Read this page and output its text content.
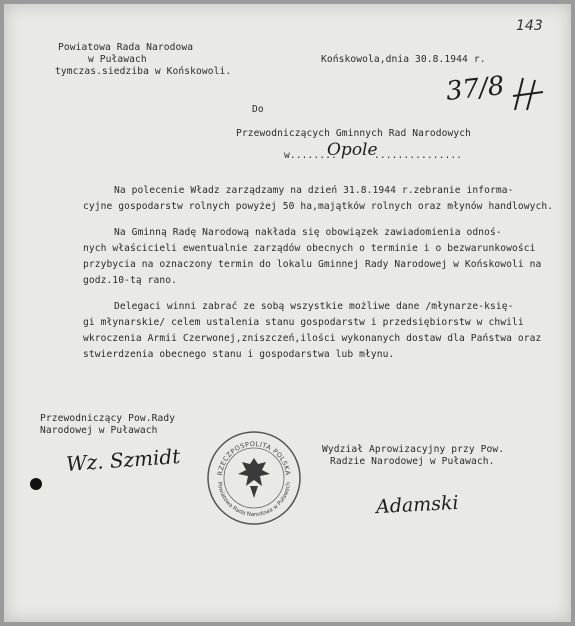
143
Powiatowa Rada Narodowa
w Puławach
tymczas.siedziba w Końskowoli.
Końskowola,dnia 30.8.1944 r.
37/8
Do
Przewodniczących Gminnych Rad Narodowych
w........
Opole
...............
Na polecenie Władz zarządzamy na dzień 31.8.1944 r.zebranie informa-
cyjne gospodarstw rolnych powyżej 50 ha,majątków rolnych oraz młynów handlowych.
Na Gminną Radę Narodową nakłada się obowiązek zawiadomienia odnoś-
nych właścicieli ewentualnie zarządów obecnych o terminie i o bezwarunkowości
przybycia na oznaczony termin do lokalu Gminnej Rady Narodowej w Końskowoli na
godz.10-tą rano.
Delegaci winni zabrać ze sobą wszystkie możliwe dane /młynarze-księ-
gi młynarskie/ celem ustalenia stanu gospodarstw i przedsiębiorstw w chwili
wkroczenia Armii Czerwonej,zniszczeń,ilości wykonanych dostaw dla Państwa oraz
stwierdzenia obecnego stanu i gospodarstwa lub młynu.
Przewodniczący Pow.Rady
Narodowej w Puławach
Wz. Szmidt	RZECZPOSPOLITA POLSKA
Powiatowa Rada Narodowa w Puławach
Wydział Aprowizacyjny przy Pow.
Radzie Narodowej w Puławach.
Adamski
